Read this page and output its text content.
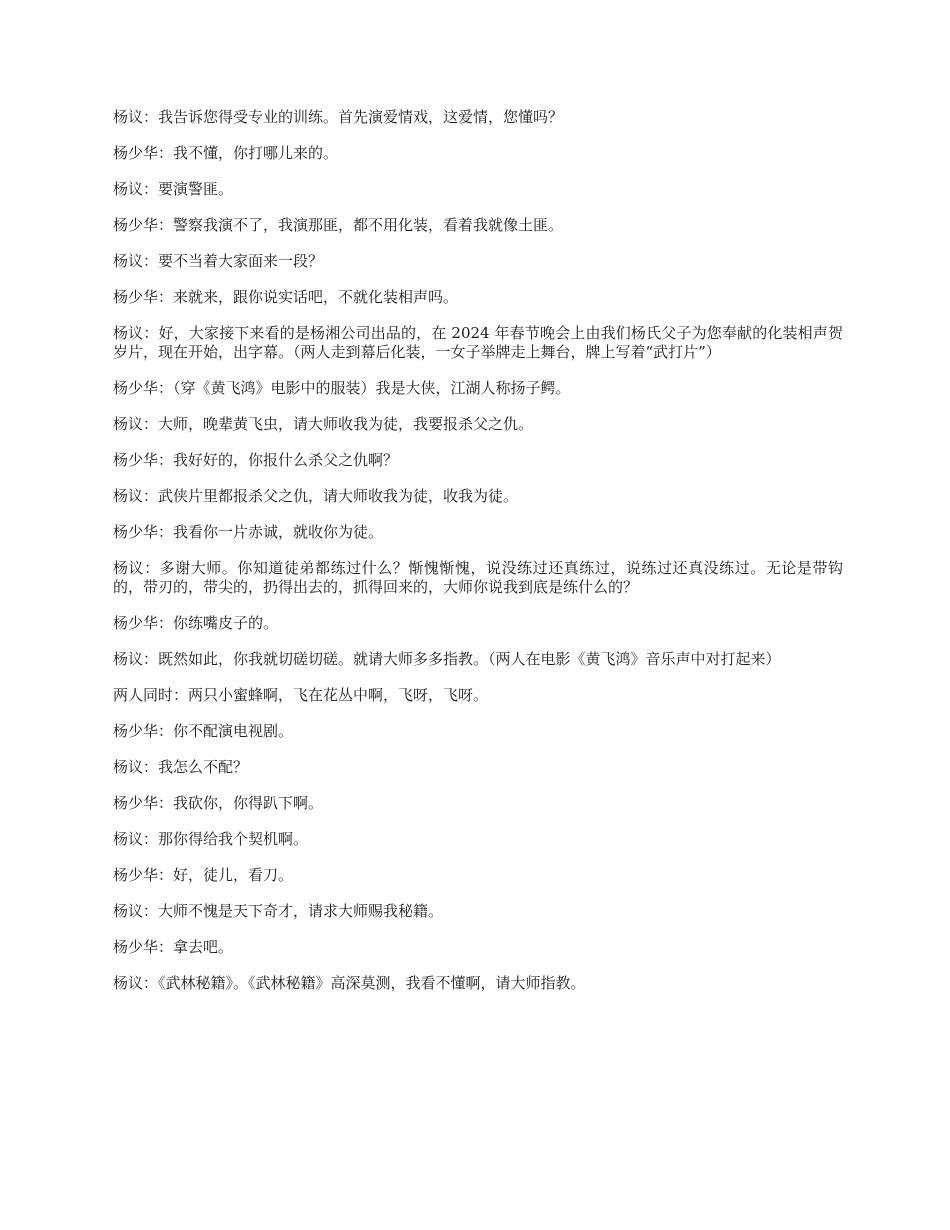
杨议：我告诉您得受专业的训练。首先演爱情戏，这爱情，您懂吗？

杨少华：我不懂，你打哪儿来的。

杨议：要演警匪。

杨少华：警察我演不了，我演那匪，都不用化装，看着我就像土匪。

杨议：要不当着大家面来一段？

杨少华：来就来，跟你说实话吧，不就化装相声吗。

杨议：好，大家接下来看的是杨湘公司出品的，在 2024 年春节晚会上由我们杨氏父子为您奉献的化装相声贺岁片，现在开始，出字幕。（两人走到幕后化装，一女子举牌走上舞台，牌上写着“武打片”）

杨少华：（穿《黄飞鸿》电影中的服装）我是大侠，江湖人称扬子鳄。

杨议：大师，晚辈黄飞虫，请大师收我为徒，我要报杀父之仇。

杨少华：我好好的，你报什么杀父之仇啊？

杨议：武侠片里都报杀父之仇，请大师收我为徒，收我为徒。

杨少华：我看你一片赤诚，就收你为徒。

杨议：多谢大师。你知道徒弟都练过什么？惭愧惭愧，说没练过还真练过，说练过还真没练过。无论是带钩的，带刃的，带尖的，扔得出去的，抓得回来的，大师你说我到底是练什么的？

杨少华：你练嘴皮子的。

杨议：既然如此，你我就切磋切磋。就请大师多多指教。（两人在电影《黄飞鸿》音乐声中对打起来）

两人同时：两只小蜜蜂啊，飞在花丛中啊，飞呀，飞呀。

杨少华：你不配演电视剧。

杨议：我怎么不配？

杨少华：我砍你，你得趴下啊。

杨议：那你得给我个契机啊。

杨少华：好，徒儿，看刀。

杨议：大师不愧是天下奇才，请求大师赐我秘籍。

杨少华：拿去吧。

杨议：《武林秘籍》。《武林秘籍》高深莫测，我看不懂啊，请大师指教。
